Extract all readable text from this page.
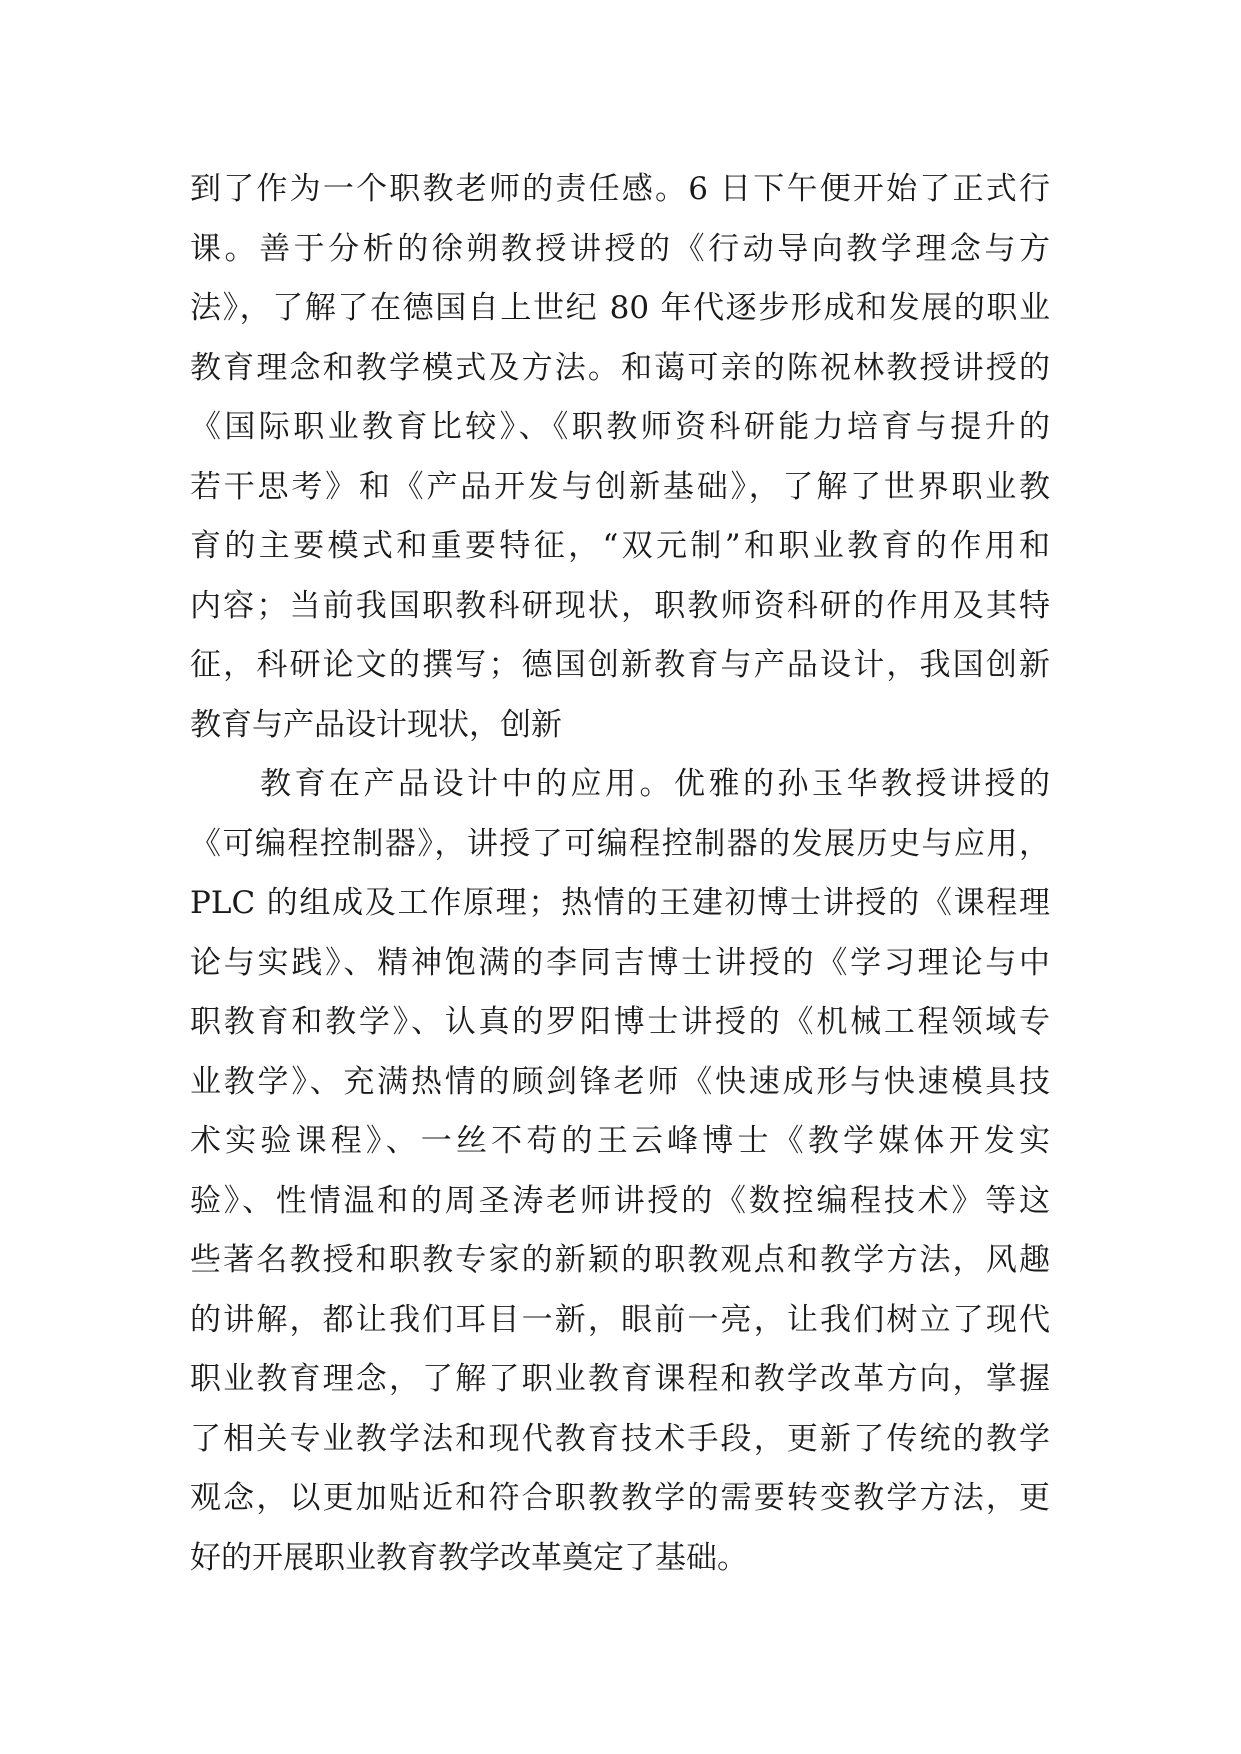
到了作为一个职教老师的责任感。6 日下午便开始了正式行
课。善于分析的徐朔教授讲授的《行动导向教学理念与方
法》，了解了在德国自上世纪 80 年代逐步形成和发展的职业
教育理念和教学模式及方法。和蔼可亲的陈祝林教授讲授的
《国际职业教育比较》、《职教师资科研能力培育与提升的
若干思考》和《产品开发与创新基础》，了解了世界职业教
育的主要模式和重要特征，“双元制”和职业教育的作用和
内容；当前我国职教科研现状，职教师资科研的作用及其特
征，科研论文的撰写；德国创新教育与产品设计，我国创新
教育与产品设计现状，创新
教育在产品设计中的应用。优雅的孙玉华教授讲授的
《可编程控制器》，讲授了可编程控制器的发展历史与应用，
PLC 的组成及工作原理；热情的王建初博士讲授的《课程理
论与实践》、精神饱满的李同吉博士讲授的《学习理论与中
职教育和教学》、认真的罗阳博士讲授的《机械工程领域专
业教学》、充满热情的顾剑锋老师《快速成形与快速模具技
术实验课程》、一丝不苟的王云峰博士《教学媒体开发实
验》、性情温和的周圣涛老师讲授的《数控编程技术》等这
些著名教授和职教专家的新颖的职教观点和教学方法，风趣
的讲解，都让我们耳目一新，眼前一亮，让我们树立了现代
职业教育理念，了解了职业教育课程和教学改革方向，掌握
了相关专业教学法和现代教育技术手段，更新了传统的教学
观念，以更加贴近和符合职教教学的需要转变教学方法，更
好的开展职业教育教学改革奠定了基础。
